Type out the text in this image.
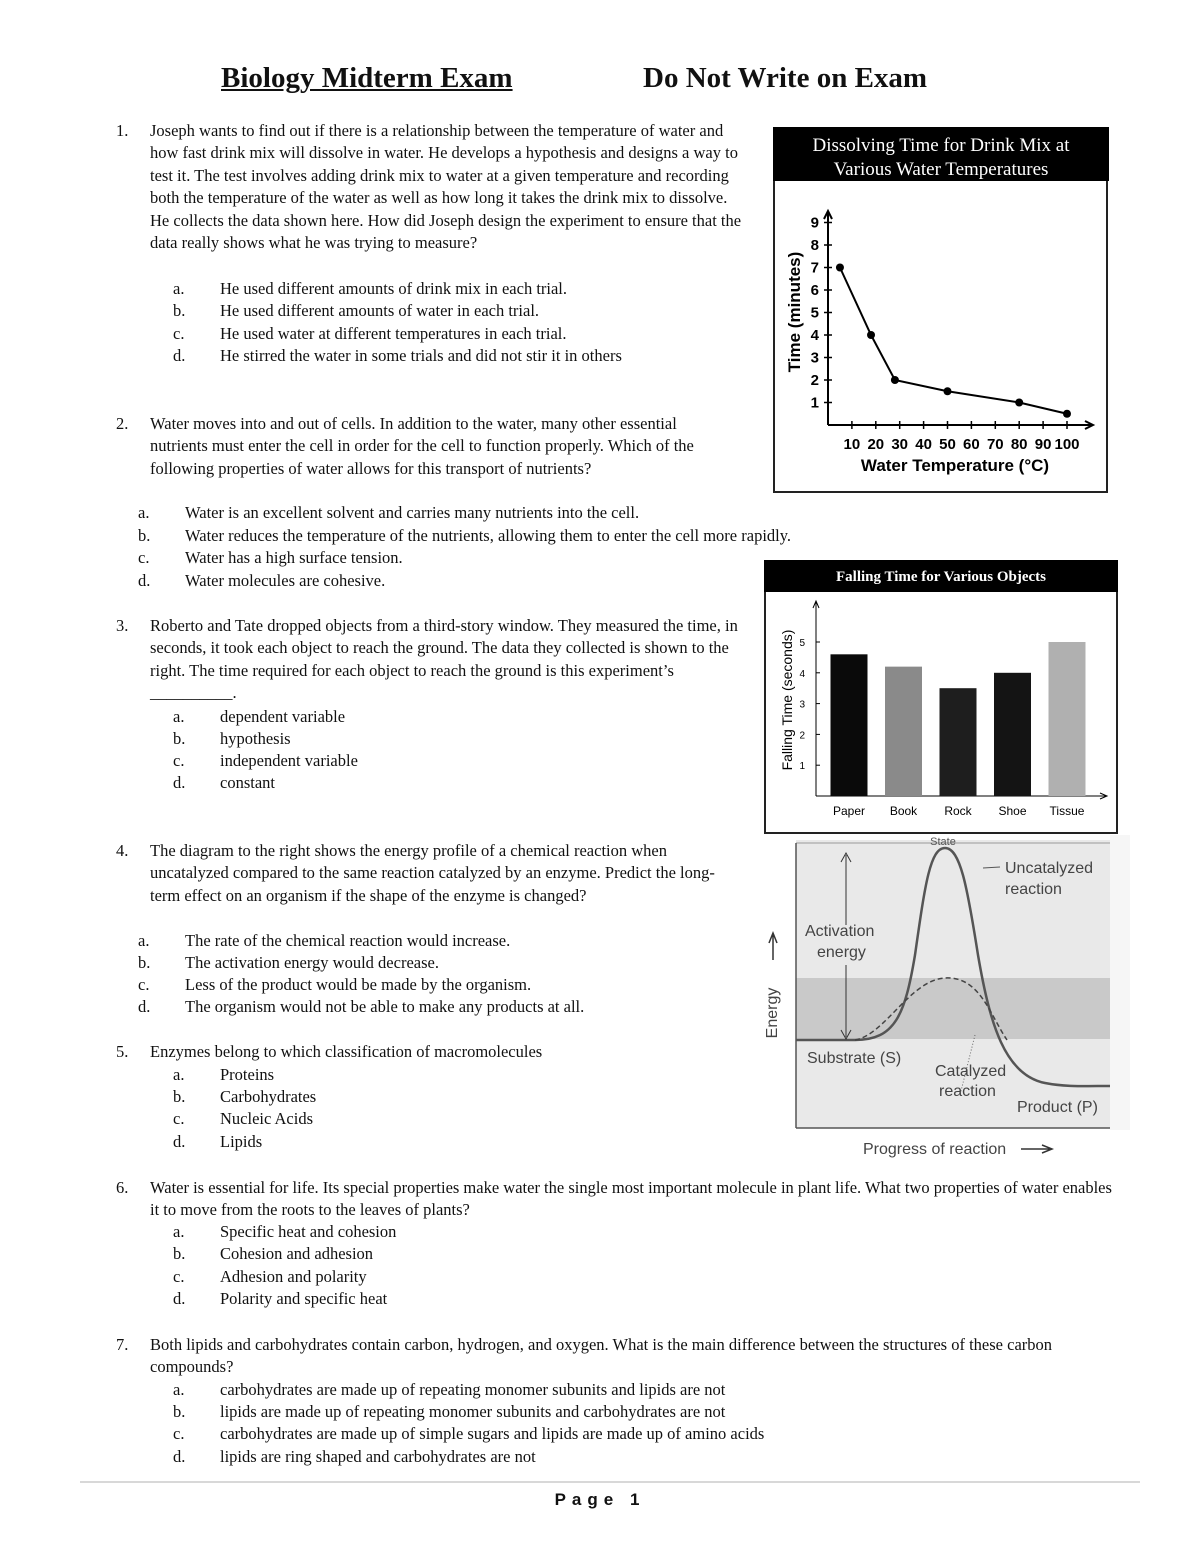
Biology Midterm Exam	Do Not Write on Exam
1. Joseph wants to find out if there is a relationship between the temperature of water and how fast drink mix will dissolve in water. He develops a hypothesis and designs a way to test it. The test involves adding drink mix to water at a given temperature and recording both the temperature of the water as well as how long it takes the drink mix to dissolve. He collects the data shown here. How did Joseph design the experiment to ensure that the data really shows what he was trying to measure?
a. He used different amounts of drink mix in each trial.
b. He used different amounts of water in each trial.
c. He used water at different temperatures in each trial.
d. He stirred the water in some trials and did not stir it in others
2. Water moves into and out of cells. In addition to the water, many other essential nutrients must enter the cell in order for the cell to function properly. Which of the following properties of water allows for this transport of nutrients?
a. Water is an excellent solvent and carries many nutrients into the cell.
b. Water reduces the temperature of the nutrients, allowing them to enter the cell more rapidly.
c. Water has a high surface tension.
d. Water molecules are cohesive.
3. Roberto and Tate dropped objects from a third-story window. They measured the time, in seconds, it took each object to reach the ground. The data they collected is shown to the right. The time required for each object to reach the ground is this experiment’s __________.
a. dependent variable
b. hypothesis
c. independent variable
d. constant
4. The diagram to the right shows the energy profile of a chemical reaction when uncatalyzed compared to the same reaction catalyzed by an enzyme. Predict the long-term effect on an organism if the shape of the enzyme is changed?
a. The rate of the chemical reaction would increase.
b. The activation energy would decrease.
c. Less of the product would be made by the organism.
d. The organism would not be able to make any products at all.
5. Enzymes belong to which classification of macromolecules
a. Proteins
b. Carbohydrates
c. Nucleic Acids
d. Lipids
6. Water is essential for life. Its special properties make water the single most important molecule in plant life. What two properties of water enables it to move from the roots to the leaves of plants?
a. Specific heat and cohesion
b. Cohesion and adhesion
c. Adhesion and polarity
d. Polarity and specific heat
7. Both lipids and carbohydrates contain carbon, hydrogen, and oxygen. What is the main difference between the structures of these carbon compounds?
a. carbohydrates are made up of repeating monomer subunits and lipids are not
b. lipids are made up of repeating monomer subunits and carbohydrates are not
c. carbohydrates are made up of simple sugars and lipids are made up of amino acids
d. lipids are ring shaped and carbohydrates are not
Dissolving Time for Drink Mix at
Various Water Temperatures
1
2
3
4
5
6
7
8
9
10 20 30 40 50 60 70 80 90 100
Water Temperature (°C)
Time (minutes)
Falling Time for Various Objects
1
2
3
4
5
Paper Book Rock Shoe Tissue
Falling Time (seconds)
State
Uncatalyzed
reaction
Activation
energy
Substrate (S)
Catalyzed
reaction
Product (P)
Progress of reaction
Energy
Page 1
